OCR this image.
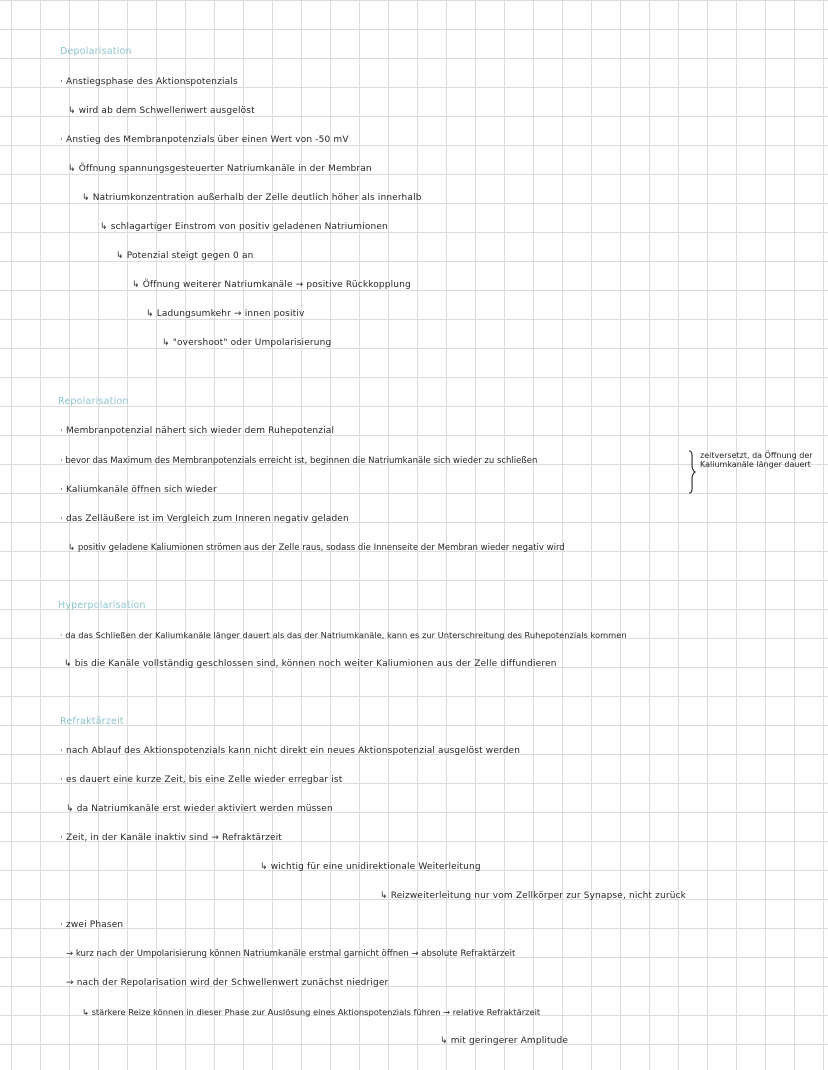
Depolarisation
· Anstiegsphase des Aktionspotenzials
↳ wird ab dem Schwellenwert ausgelöst
· Anstieg des Membranpotenzials über einen Wert von -50 mV
↳ Öffnung spannungsgesteuerter Natriumkanäle in der Membran
↳ Natriumkonzentration außerhalb der Zelle deutlich höher als innerhalb
↳ schlagartiger Einstrom von positiv geladenen Natriumionen
↳ Potenzial steigt gegen 0 an
↳ Öffnung weiterer Natriumkanäle → positive Rückkopplung
↳ Ladungsumkehr → innen positiv
↳ "overshoot" oder Umpolarisierung
Repolarisation
· Membranpotenzial nähert sich wieder dem Ruhepotenzial
· bevor das Maximum des Membranpotenzials erreicht ist, beginnen die Natriumkanäle sich wieder zu schließen
· Kaliumkanäle öffnen sich wieder
· das Zelläußere ist im Vergleich zum Inneren negativ geladen
↳ positiv geladene Kaliumionen strömen aus der Zelle raus, sodass die Innenseite der Membran wieder negativ wird
zeitversetzt, da Öffnung der Kaliumkanäle länger dauert
Hyperpolarisation
· da das Schließen der Kaliumkanäle länger dauert als das der Natriumkanäle, kann es zur Unterschreitung des Ruhepotenzials kommen
↳ bis die Kanäle vollständig geschlossen sind, können noch weiter Kaliumionen aus der Zelle diffundieren
Refraktärzeit
· nach Ablauf des Aktionspotenzials kann nicht direkt ein neues Aktionspotenzial ausgelöst werden
· es dauert eine kurze Zeit, bis eine Zelle wieder erregbar ist
↳ da Natriumkanäle erst wieder aktiviert werden müssen
· Zeit, in der Kanäle inaktiv sind → Refraktärzeit
↳ wichtig für eine unidirektionale Weiterleitung
↳ Reizweiterleitung nur vom Zellkörper zur Synapse, nicht zurück
· zwei Phasen
→ kurz nach der Umpolarisierung können Natriumkanäle erstmal garnicht öffnen → absolute Refraktärzeit
→ nach der Repolarisation wird der Schwellenwert zunächst niedriger
↳ stärkere Reize können in dieser Phase zur Auslösung eines Aktionspotenzials führen → relative Refraktärzeit
↳ mit geringerer Amplitude
